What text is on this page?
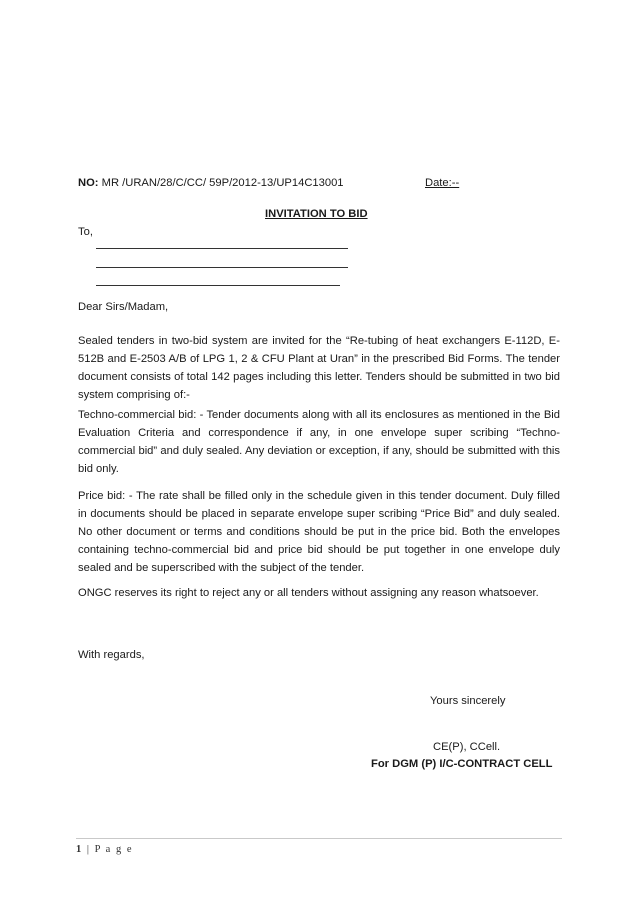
NO: MR /URAN/28/C/CC/ 59P/2012-13/UP14C13001	Date:--
INVITATION TO BID
To,
Dear Sirs/Madam,
Sealed tenders in two-bid system are invited for the “Re-tubing of heat exchangers E-112D, E-512B and E-2503 A/B of LPG 1, 2 & CFU Plant at Uran” in the prescribed Bid Forms. The tender document consists of total 142 pages including this letter. Tenders should be submitted in two bid system comprising of:-
Techno-commercial bid: - Tender documents along with all its enclosures as mentioned in the Bid Evaluation Criteria and correspondence if any, in one envelope super scribing “Techno-commercial bid” and duly sealed. Any deviation or exception, if any, should be submitted with this bid only.
Price bid: - The rate shall be filled only in the schedule given in this tender document. Duly filled in documents should be placed in separate envelope super scribing “Price Bid” and duly sealed. No other document or terms and conditions should be put in the price bid. Both the envelopes containing techno-commercial bid and price bid should be put together in one envelope duly sealed and be superscribed with the subject of the tender.
ONGC reserves its right to reject any or all tenders without assigning any reason whatsoever.
With regards,
Yours sincerely
CE(P), CCell.
For DGM (P) I/C-CONTRACT CELL
1 | P a g e
